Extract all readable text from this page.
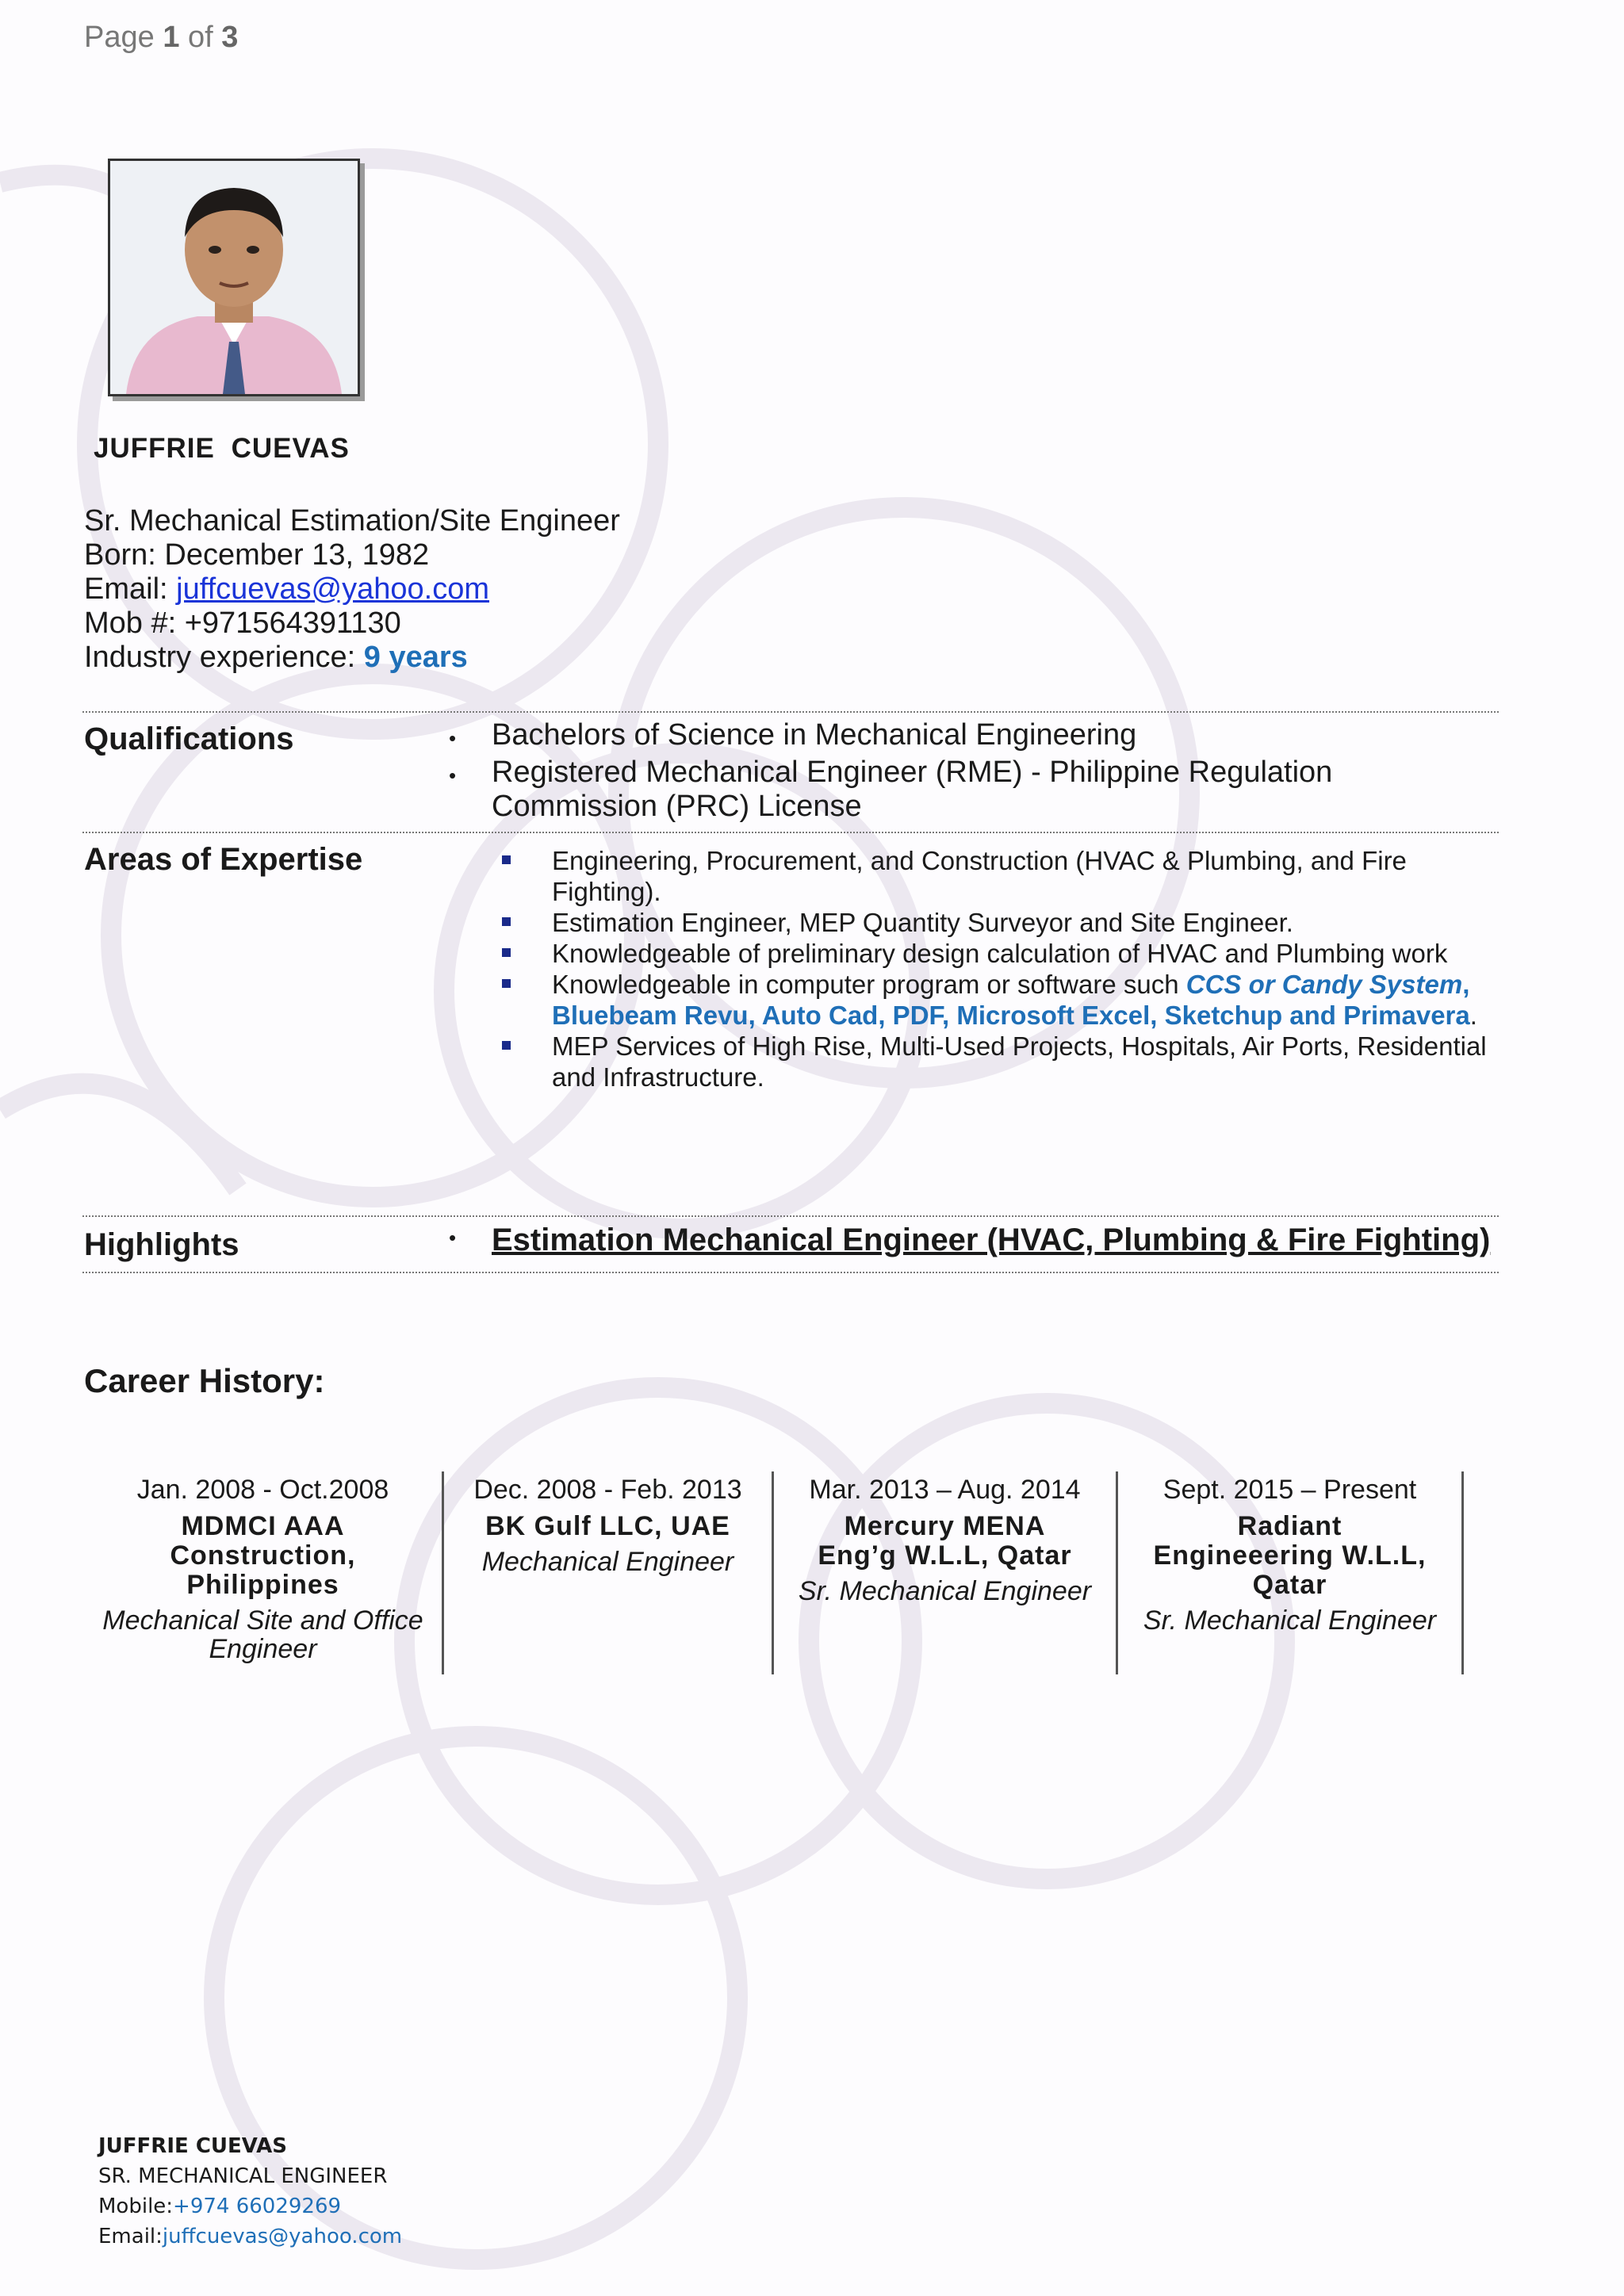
Page 1 of 3
JUFFRIE CUEVAS
Sr. Mechanical Estimation/Site Engineer
Born: December 13, 1982
Email: juffcuevas@yahoo.com
Mob #: +971564391130
Industry experience: 9 years
Qualifications	•	Bachelors of Science in Mechanical Engineering
•	Registered Mechanical Engineer (RME) - Philippine Regulation Commission (PRC) License
Areas of Expertise	Engineering, Procurement, and Construction (HVAC & Plumbing, and Fire Fighting).
Estimation Engineer, MEP Quantity Surveyor and Site Engineer.
Knowledgeable of preliminary design calculation of HVAC and Plumbing work
Knowledgeable in computer program or software such CCS or Candy System, Bluebeam Revu, Auto Cad, PDF, Microsoft Excel, Sketchup and Primavera.
MEP Services of High Rise, Multi-Used Projects, Hospitals, Air Ports, Residential and Infrastructure.
Highlights	•	Estimation Mechanical Engineer (HVAC, Plumbing & Fire Fighting)
Career History:
Jan. 2008 - Oct.2008
MDMCI AAA Construction, Philippines
Mechanical Site and Office Engineer
Dec. 2008 - Feb. 2013
BK Gulf LLC, UAE
Mechanical Engineer
Mar. 2013 – Aug. 2014
Mercury MENA Eng’g W.L.L, Qatar
Sr. Mechanical Engineer
Sept. 2015 – Present
Radiant Engineeering W.L.L, Qatar
Sr. Mechanical Engineer
JUFFRIE CUEVAS
SR. MECHANICAL ENGINEER
Mobile:+974 66029269
Email:juffcuevas@yahoo.com
